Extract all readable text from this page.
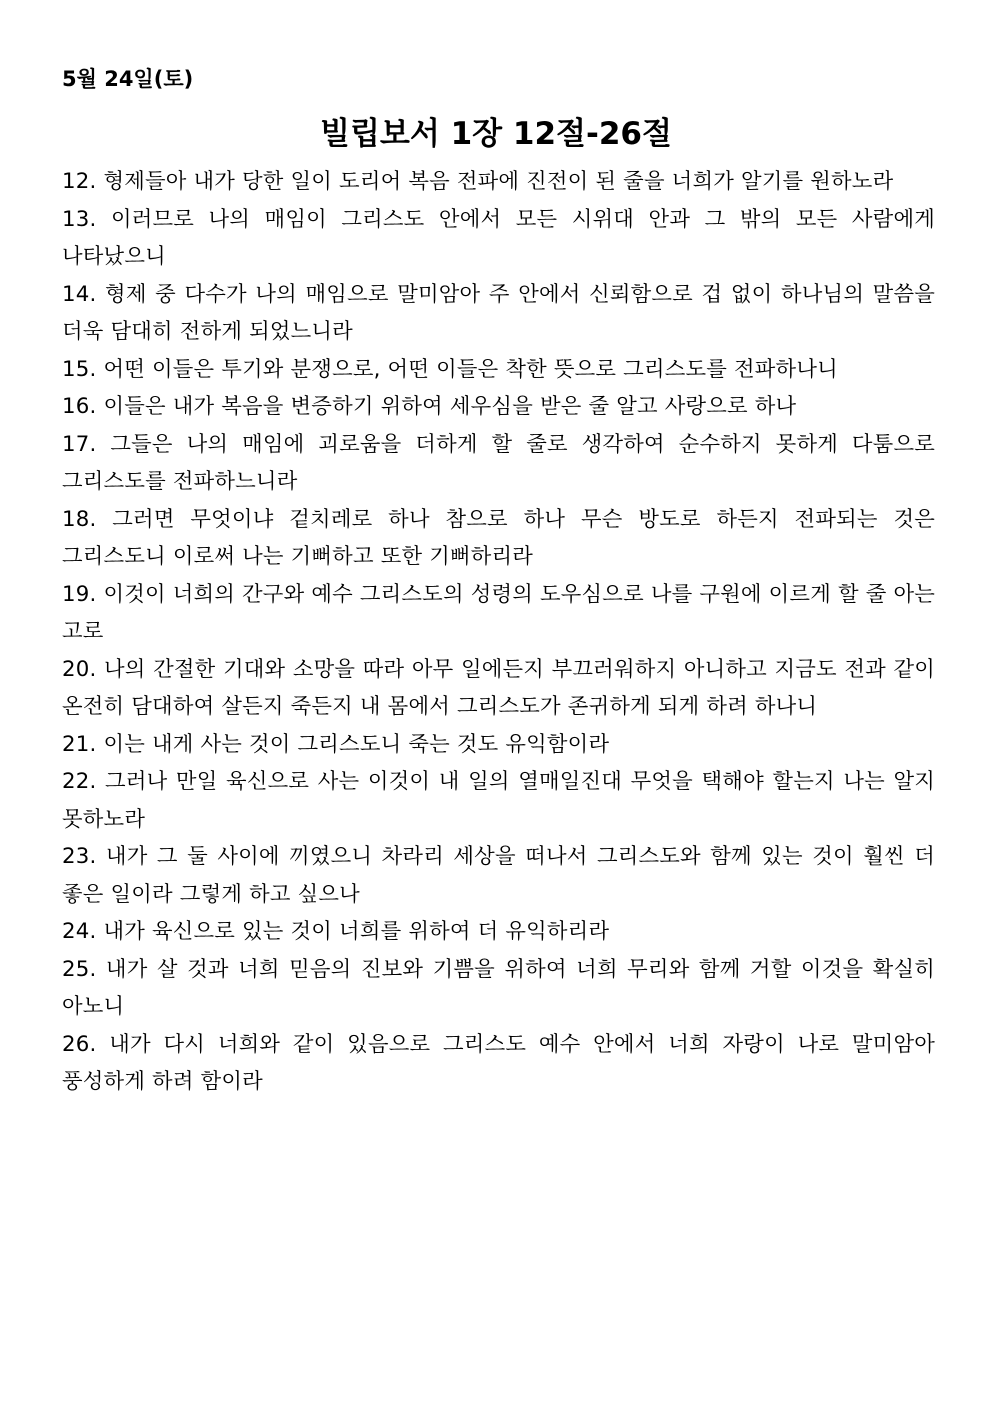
5월 24일(토)
빌립보서 1장 12절-26절
12. 형제들아 내가 당한 일이 도리어 복음 전파에 진전이 된 줄을 너희가 알기를 원하노라
13. 이러므로 나의 매임이 그리스도 안에서 모든 시위대 안과 그 밖의 모든 사람에게 나타났으니
14. 형제 중 다수가 나의 매임으로 말미암아 주 안에서 신뢰함으로 겁 없이 하나님의 말씀을 더욱 담대히 전하게 되었느니라
15. 어떤 이들은 투기와 분쟁으로, 어떤 이들은 착한 뜻으로 그리스도를 전파하나니
16. 이들은 내가 복음을 변증하기 위하여 세우심을 받은 줄 알고 사랑으로 하나
17. 그들은 나의 매임에 괴로움을 더하게 할 줄로 생각하여 순수하지 못하게 다툼으로 그리스도를 전파하느니라
18. 그러면 무엇이냐 겉치레로 하나 참으로 하나 무슨 방도로 하든지 전파되는 것은 그리스도니 이로써 나는 기뻐하고 또한 기뻐하리라
19. 이것이 너희의 간구와 예수 그리스도의 성령의 도우심으로 나를 구원에 이르게 할 줄 아는 고로
20. 나의 간절한 기대와 소망을 따라 아무 일에든지 부끄러워하지 아니하고 지금도 전과 같이 온전히 담대하여 살든지 죽든지 내 몸에서 그리스도가 존귀하게 되게 하려 하나니
21. 이는 내게 사는 것이 그리스도니 죽는 것도 유익함이라
22. 그러나 만일 육신으로 사는 이것이 내 일의 열매일진대 무엇을 택해야 할는지 나는 알지 못하노라
23. 내가 그 둘 사이에 끼였으니 차라리 세상을 떠나서 그리스도와 함께 있는 것이 훨씬 더 좋은 일이라 그렇게 하고 싶으나
24. 내가 육신으로 있는 것이 너희를 위하여 더 유익하리라
25. 내가 살 것과 너희 믿음의 진보와 기쁨을 위하여 너희 무리와 함께 거할 이것을 확실히 아노니
26. 내가 다시 너희와 같이 있음으로 그리스도 예수 안에서 너희 자랑이 나로 말미암아 풍성하게 하려 함이라
